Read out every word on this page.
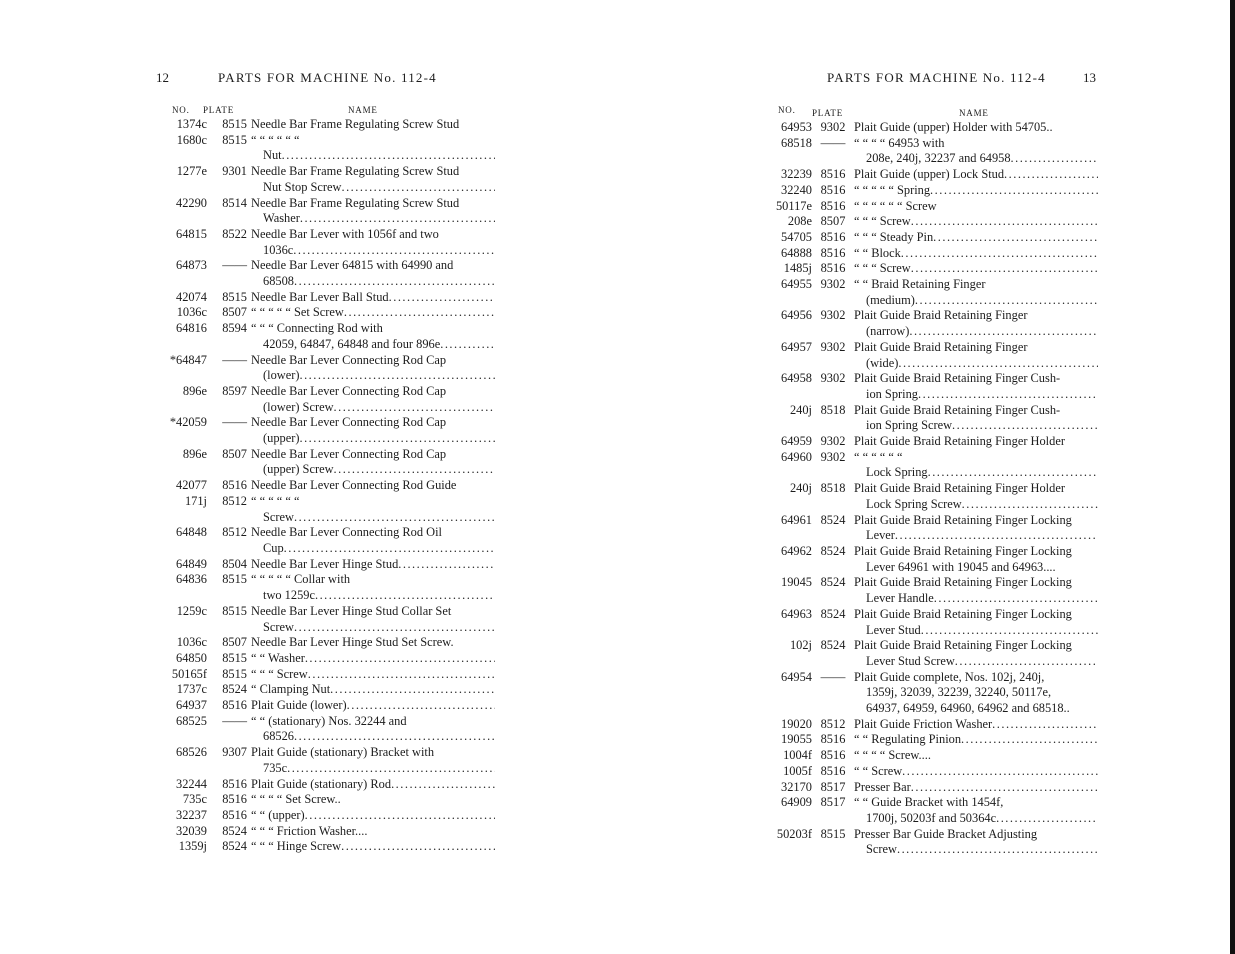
12	PARTS FOR MACHINE No. 112-4
NO. PLATE	NAME
1374c	8515 Needle Bar Frame Regulating Screw Stud
1680c	8515 “ “ “ “ “ “
Nut
.....
1277e	9301 Needle Bar Frame Regulating Screw Stud
Nut Stop Screw
.....
42290	8514 Needle Bar Frame Regulating Screw Stud
Washer
.....
64815	8522 Needle Bar Lever with 1056f and two
1036c
.....
64873	—— Needle Bar Lever 64815 with 64990 and
68508
.....
42074	8515 Needle Bar Lever Ball Stud
.....
1036c	8507 “ “ “ “ “ Set Screw
.....
64816	8594 “ “ “ Connecting Rod with
42059, 64847, 64848 and four 896e
.....
*64847	—— Needle Bar Lever Connecting Rod Cap
(lower)
.....
896e	8597 Needle Bar Lever Connecting Rod Cap
(lower) Screw
.....
*42059	—— Needle Bar Lever Connecting Rod Cap
(upper)
.....
896e	8507 Needle Bar Lever Connecting Rod Cap
(upper) Screw
.....
42077	8516 Needle Bar Lever Connecting Rod Guide
171j	8512 “ “ “ “ “ “
Screw
.....
64848	8512 Needle Bar Lever Connecting Rod Oil
Cup
.....
64849	8504 Needle Bar Lever Hinge Stud
.....
64836	8515 “ “ “ “ “ Collar with
two 1259c
.....
1259c	8515 Needle Bar Lever Hinge Stud Collar Set
Screw
.....
1036c	8507 Needle Bar Lever Hinge Stud Set Screw.
64850	8515 “ “ Washer
.....
50165f	8515 “ “ “ Screw
.....
1737c	8524 “ Clamping Nut
.....
64937	8516 Plait Guide (lower)
.....
68525	—— “ “ (stationary) Nos. 32244 and
68526
.....
68526	9307 Plait Guide (stationary) Bracket with
735c
.....
32244	8516 Plait Guide (stationary) Rod
.....
735c	8516 “ “ “ “ Set Screw..
32237	8516 “ “ (upper)
.....
32039	8524 “ “ “ Friction Washer....
1359j	8524 “ “ “ Hinge Screw
.....
PARTS FOR MACHINE No. 112-4	13
NO. PLATE	NAME
64953 9302 Plait Guide (upper) Holder with 54705..
68518 —— “ “ “ “ 64953 with
208e, 240j, 32237 and 64958
.....
32239 8516 Plait Guide (upper) Lock Stud
.....
32240 8516 “ “ “ “ “ Spring
.....
50117e 8516 “ “ “ “ “ “ Screw
208e 8507 “ “ “ Screw
.....
54705 8516 “ “ “ Steady Pin
.....
64888 8516 “ “ Block
.....
1485j 8516 “ “ “ Screw
.....
64955 9302 “ “ Braid Retaining Finger
(medium)
.....
64956 9302 Plait Guide Braid Retaining Finger
(narrow)
.....
64957 9302 Plait Guide Braid Retaining Finger
(wide)
.....
64958 9302 Plait Guide Braid Retaining Finger Cush-
ion Spring
.....
240j 8518 Plait Guide Braid Retaining Finger Cush-
ion Spring Screw
.....
64959 9302 Plait Guide Braid Retaining Finger Holder
64960 9302 “ “ “ “ “ “
Lock Spring
.....
240j 8518 Plait Guide Braid Retaining Finger Holder
Lock Spring Screw
.....
64961 8524 Plait Guide Braid Retaining Finger Locking
Lever
.....
64962 8524 Plait Guide Braid Retaining Finger Locking
Lever 64961 with 19045 and 64963....
19045 8524 Plait Guide Braid Retaining Finger Locking
Lever Handle
.....
64963 8524 Plait Guide Braid Retaining Finger Locking
Lever Stud
.....
102j 8524 Plait Guide Braid Retaining Finger Locking
Lever Stud Screw
.....
64954 —— Plait Guide complete, Nos. 102j, 240j,
1359j, 32039, 32239, 32240, 50117e,
64937, 64959, 64960, 64962 and 68518..
19020 8512 Plait Guide Friction Washer
.....
19055 8516 “ “ Regulating Pinion
.....
1004f 8516 “ “ “ “ Screw....
1005f 8516 “ “ Screw
.....
32170 8517 Presser Bar
.....
64909 8517 “ “ Guide Bracket with 1454f,
1700j, 50203f and 50364c
.....
50203f 8515 Presser Bar Guide Bracket Adjusting
Screw
.....
